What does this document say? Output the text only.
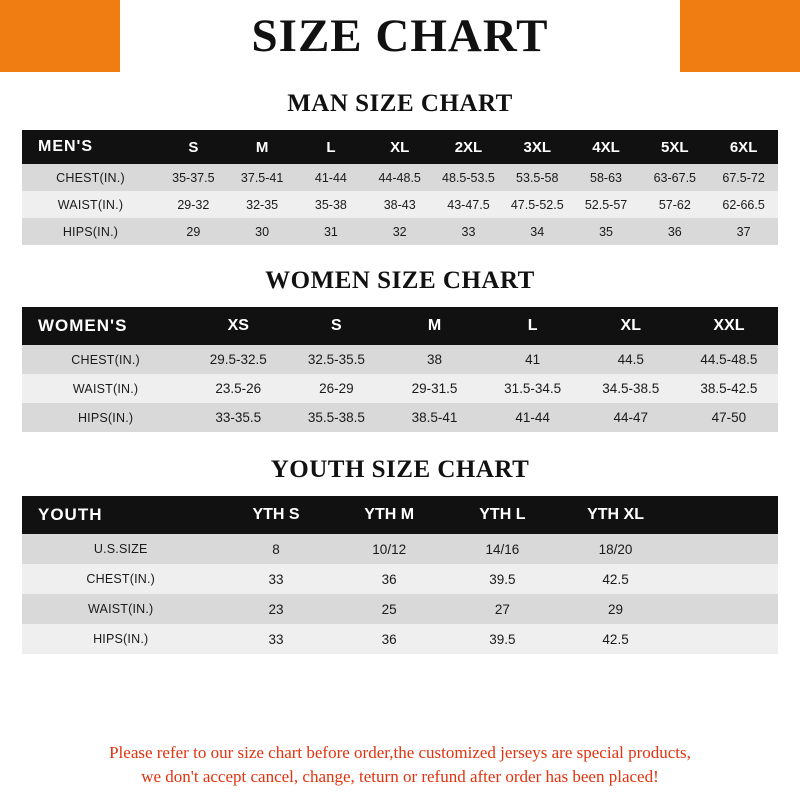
SIZE CHART
MAN SIZE CHART
MEN'S	S	M	L	XL	2XL	3XL	4XL	5XL	6XL
CHEST(IN.)	35-37.5	37.5-41	41-44	44-48.5	48.5-53.5	53.5-58	58-63	63-67.5	67.5-72
WAIST(IN.)	29-32	32-35	35-38	38-43	43-47.5	47.5-52.5	52.5-57	57-62	62-66.5
HIPS(IN.)	29	30	31	32	33	34	35	36	37
WOMEN SIZE CHART
WOMEN'S	XS	S	M	L	XL	XXL
CHEST(IN.)	29.5-32.5	32.5-35.5	38	41	44.5	44.5-48.5
WAIST(IN.)	23.5-26	26-29	29-31.5	31.5-34.5	34.5-38.5	38.5-42.5
HIPS(IN.)	33-35.5	35.5-38.5	38.5-41	41-44	44-47	47-50
YOUTH SIZE CHART
YOUTH	YTH S	YTH M	YTH L	YTH XL	
U.S.SIZE	8	10/12	14/16	18/20	
CHEST(IN.)	33	36	39.5	42.5	
WAIST(IN.)	23	25	27	29	
HIPS(IN.)	33	36	39.5	42.5	
Please refer to our size chart before order,the customized jerseys are special products,
we don't accept cancel, change, teturn or refund after order has been placed!
